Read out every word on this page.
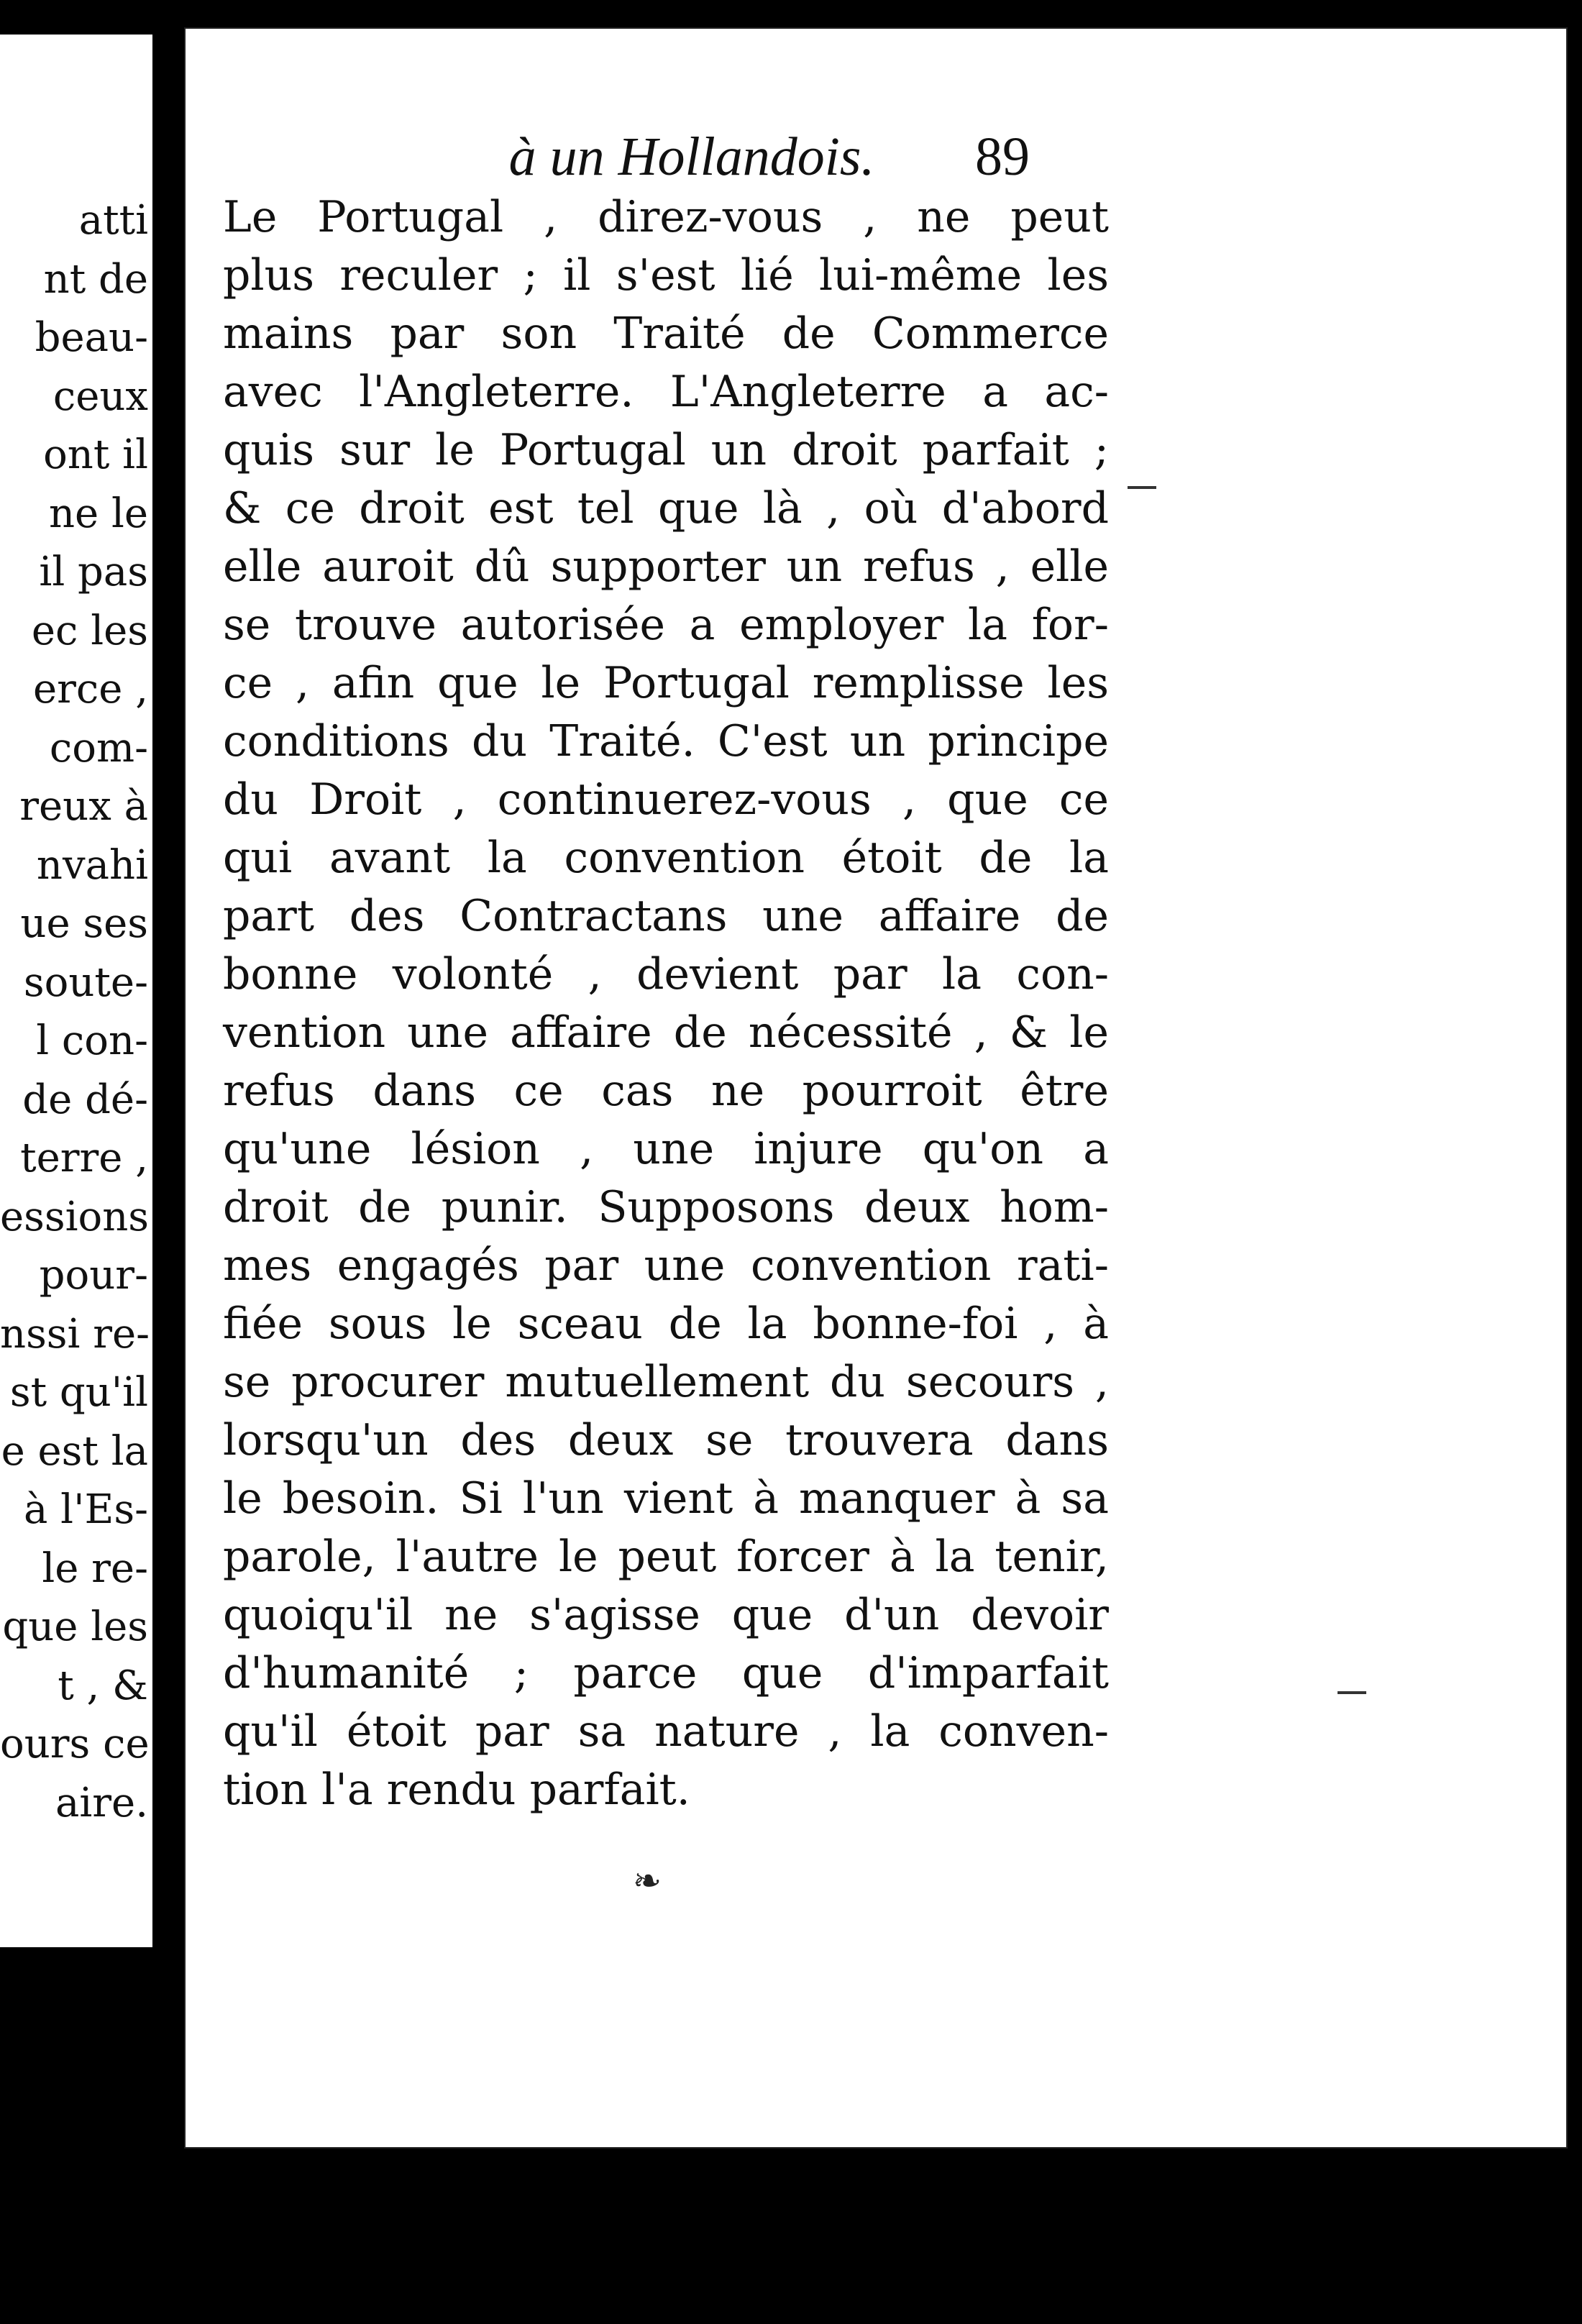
atti
nt de
beau-
ceux
ont il
ne le
il pas
ec les
erce ,
com-
reux à
nvahi
ue ses
soute-
l con-
de dé-
terre ,
essions
pour-
nssi re-
st qu'il
e est la
à l'Es-
le re-
que les
t , &
ours ce
aire.
à un Hollandois.	89
Le Portugal , direz-vous , ne peut
plus reculer ; il s'est lié lui-même les
mains par son Traité de Commerce
avec l'Angleterre. L'Angleterre a ac-
quis sur le Portugal un droit parfait ;
& ce droit est tel que là , où d'abord
elle auroit dû supporter un refus , elle
se trouve autorisée a employer la for-
ce , afin que le Portugal remplisse les
conditions du Traité. C'est un principe
du Droit , continuerez-vous , que ce
qui avant la convention étoit de la
part des Contractans une affaire de
bonne volonté , devient par la con-
vention une affaire de nécessité , & le
refus dans ce cas ne pourroit être
qu'une lésion , une injure qu'on a
droit de punir. Supposons deux hom-
mes engagés par une convention rati-
fiée sous le sceau de la bonne-foi , à
se procurer mutuellement du secours ,
lorsqu'un des deux se trouvera dans
le besoin. Si l'un vient à manquer à sa
parole, l'autre le peut forcer à la tenir,
quoiqu'il ne s'agisse que d'un devoir
d'humanité ; parce que d'imparfait
qu'il étoit par sa nature , la conven-
tion l'a rendu parfait.
❧
